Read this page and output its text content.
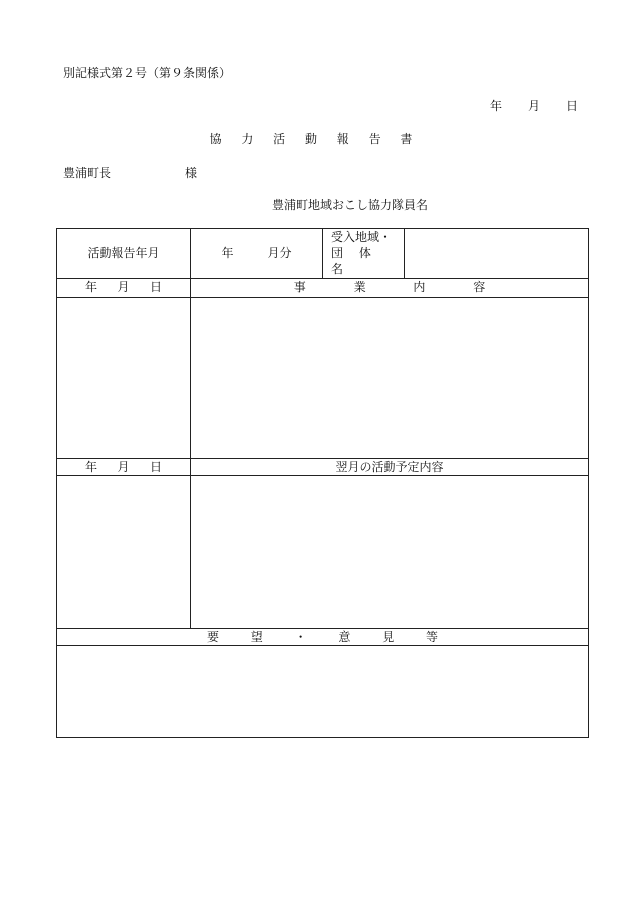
別記様式第２号（第９条関係）
年	月	日
協 力 活 動 報 告 書
豊浦町長	様
豊浦町地域おこし協力隊員名
活動報告年月	年 月分	受入地域・
団 体 名	

年 月 日	事 業 内 容		

年 月 日	翌月の活動予定内容		

要 望 ・ 意 見 等			
